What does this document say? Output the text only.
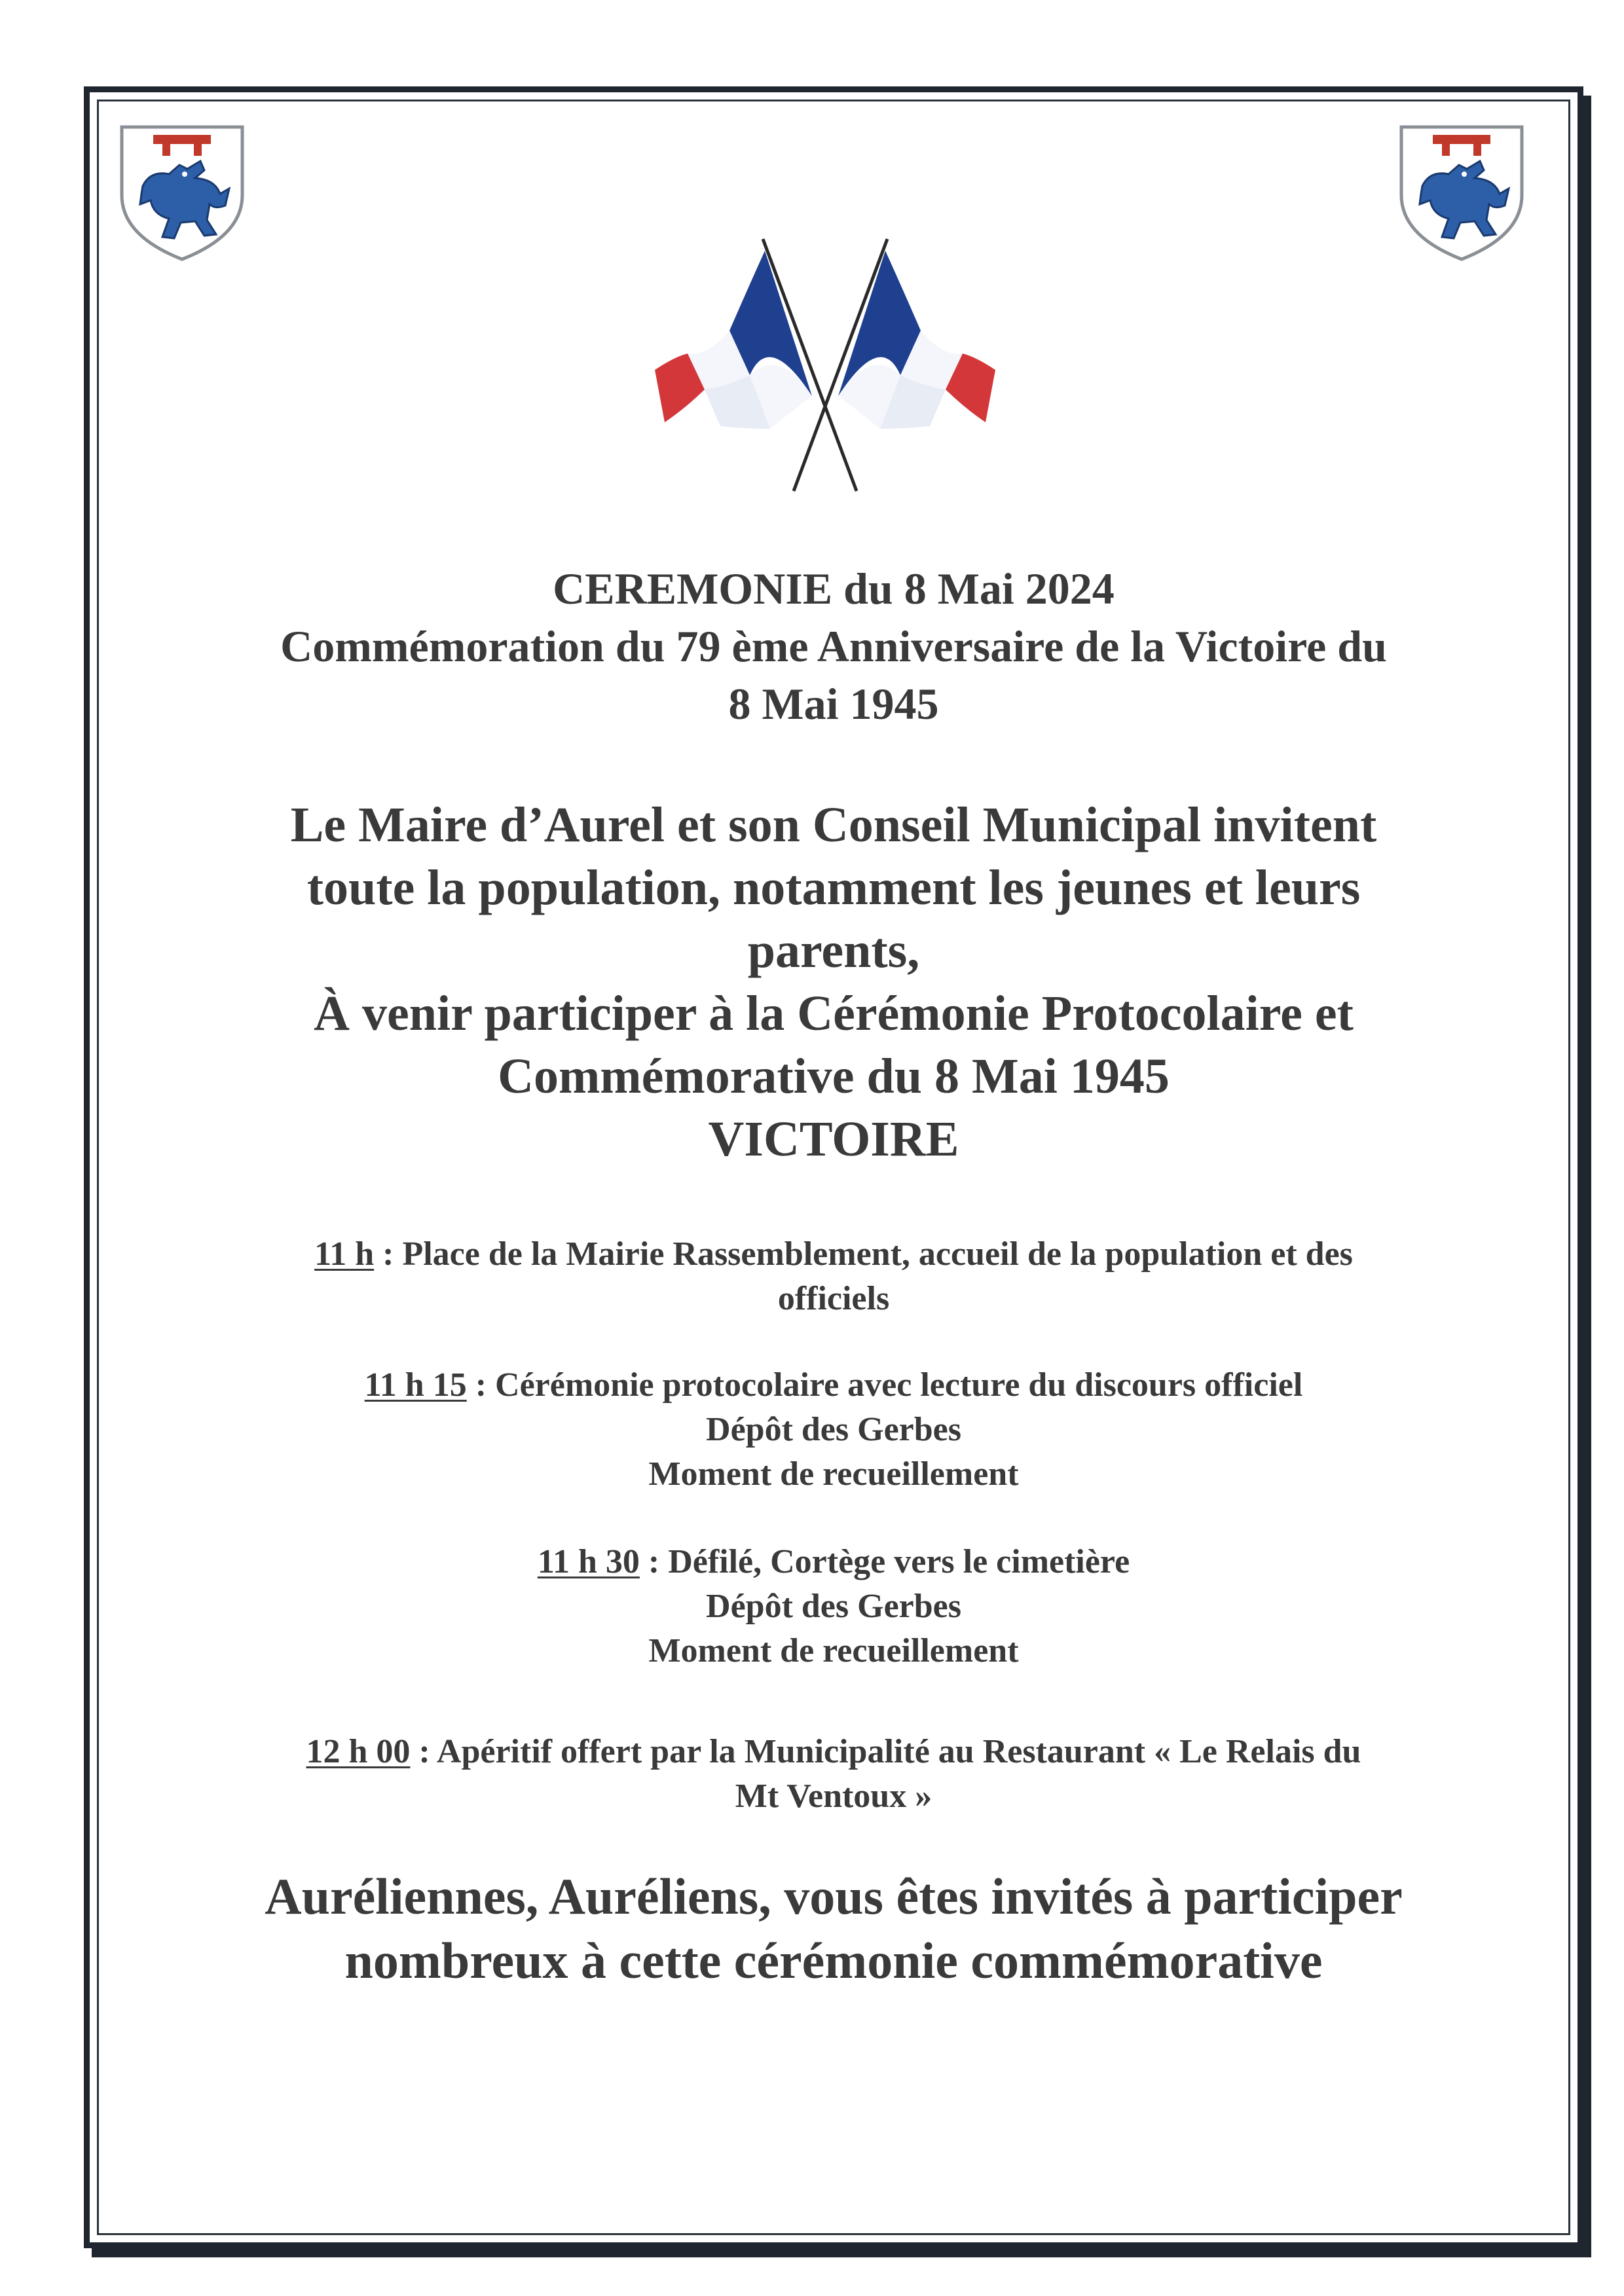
CEREMONIE du 8 Mai 2024
Commémoration du 79 ème Anniversaire de la Victoire du
8 Mai 1945
Le Maire d’Aurel et son Conseil Municipal invitent
toute la population, notamment les jeunes et leurs
parents,
À venir participer à la Cérémonie Protocolaire et
Commémorative du 8 Mai 1945
VICTOIRE
11 h : Place de la Mairie Rassemblement, accueil de la population et des
officiels
11 h 15 : Cérémonie protocolaire avec lecture du discours officiel
Dépôt des Gerbes
Moment de recueillement
11 h 30 : Défilé, Cortège vers le cimetière
Dépôt des Gerbes
Moment de recueillement
12 h 00 : Apéritif offert par la Municipalité au Restaurant « Le Relais du
Mt Ventoux »
Auréliennes, Auréliens, vous êtes invités à participer
nombreux à cette cérémonie commémorative
